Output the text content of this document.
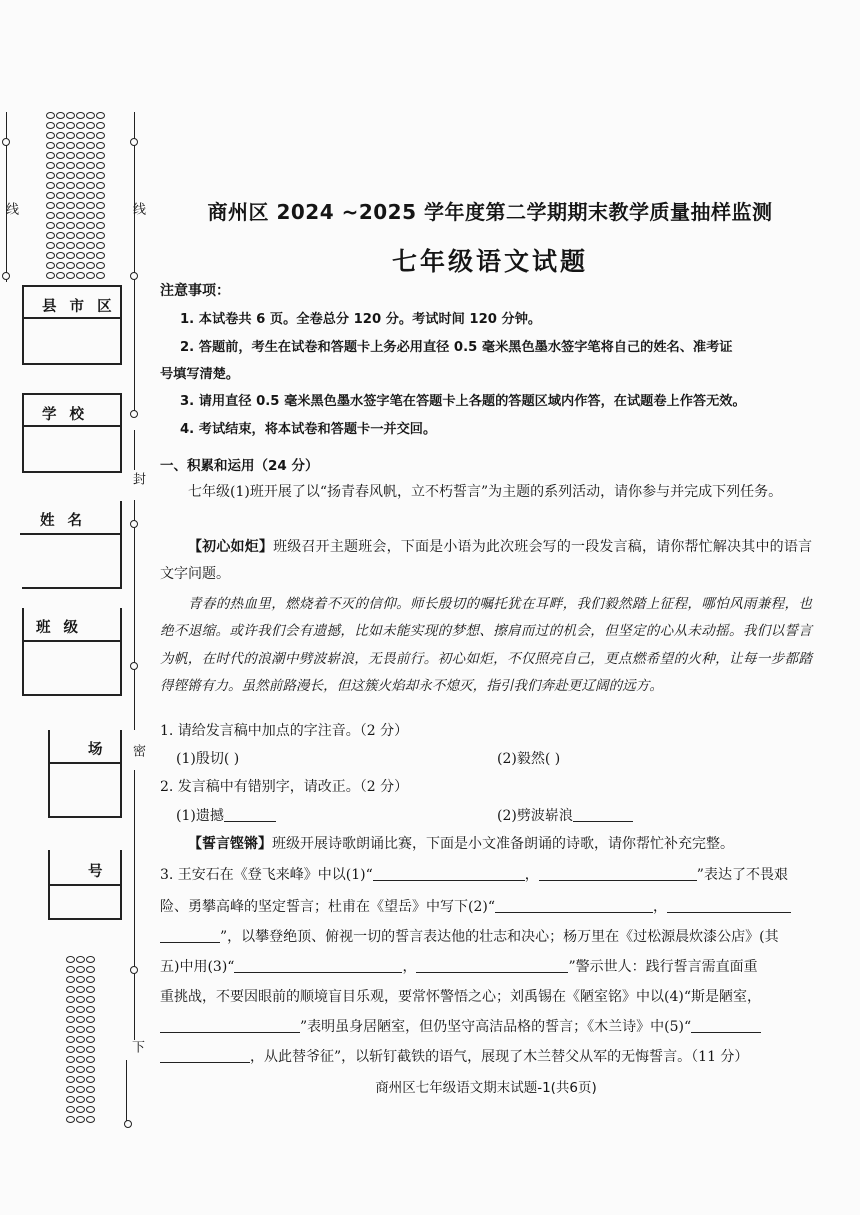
线	线
封
密
下
县 市 区
学 校
姓 名
班 级
场
号
商州区 2024 ~2025 学年度第二学期期末教学质量抽样监测
七年级语文试题
注意事项：
1. 本试卷共 6 页。全卷总分 120 分。考试时间 120 分钟。
2. 答题前，考生在试卷和答题卡上务必用直径 0.5 毫米黑色墨水签字笔将自己的姓名、准考证
号填写清楚。
3. 请用直径 0.5 毫米黑色墨水签字笔在答题卡上各题的答题区域内作答，在试题卷上作答无效。
4. 考试结束，将本试卷和答题卡一并交回。
一、积累和运用（24 分）
七年级(1)班开展了以“扬青春风帆，立不朽誓言”为主题的系列活动，请你参与并完成下列任务。
【初心如炬】班级召开主题班会，下面是小语为此次班会写的一段发言稿，请你帮忙解决其中的语言文字问题。
青春的热血里，燃烧着不灭的信仰。师长殷切的嘱托犹在耳畔，我们毅然踏上征程，哪怕风雨兼程，也绝不退缩。或许我们会有遗撼，比如未能实现的梦想、擦肩而过的机会，但坚定的心从未动摇。我们以誓言为帆，在时代的浪潮中劈波崭浪，无畏前行。初心如炬，不仅照亮自己，更点燃希望的火种，让每一步都踏得铿锵有力。虽然前路漫长，但这簇火焰却永不熄灭，指引我们奔赴更辽阔的远方。
1. 请给发言稿中加点的字注音。（2 分）
(1)殷切( )	(2)毅然( )
2. 发言稿中有错别字，请改正。（2 分）
(1)遗撼	(2)劈波崭浪
【誓言铿锵】班级开展诗歌朗诵比赛，下面是小文准备朗诵的诗歌，请你帮忙补充完整。
3. 王安石在《登飞来峰》中以(1)“	，	”表达了不畏艰
险、勇攀高峰的坚定誓言；杜甫在《望岳》中写下(2)“	，
”，以攀登绝顶、俯视一切的誓言表达他的壮志和决心；杨万里在《过松源晨炊漆公店》(其
五)中用(3)“	，	”警示世人：践行誓言需直面重
重挑战，不要因眼前的顺境盲目乐观，要常怀警悟之心；刘禹锡在《陋室铭》中以(4)“斯是陋室，
”表明虽身居陋室，但仍坚守高洁品格的誓言；《木兰诗》中(5)“
，从此替爷征”，以斩钉截铁的语气，展现了木兰替父从军的无悔誓言。（11 分）
商州区七年级语文期末试题-1(共6页)
